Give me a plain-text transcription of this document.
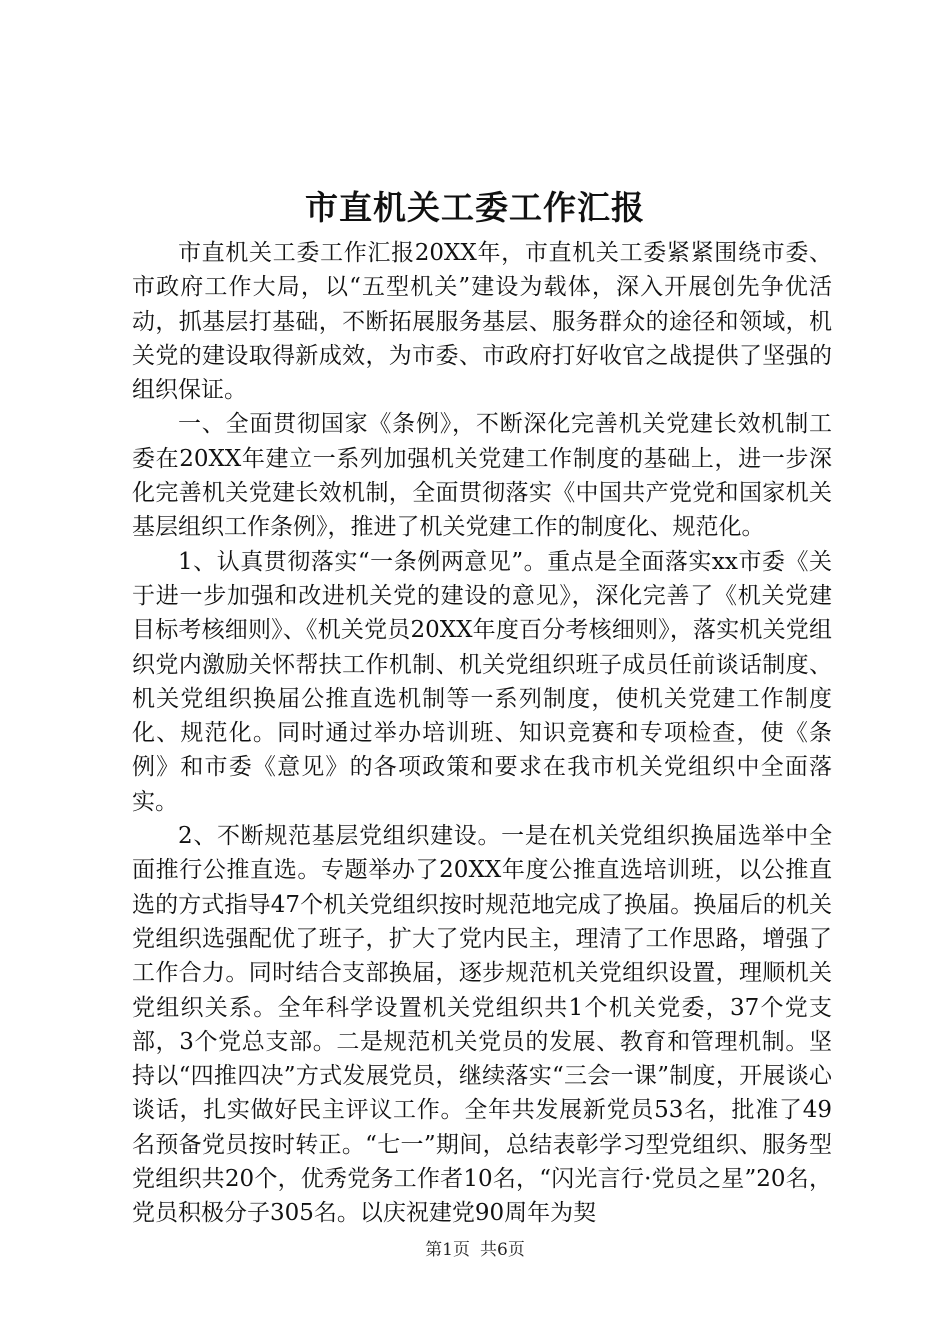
市直机关工委工作汇报

市直机关工委工作汇报20XX年，市直机关工委紧紧围绕市委、市政府工作大局，以“五型机关”建设为载体，深入开展创先争优活动，抓基层打基础，不断拓展服务基层、服务群众的途径和领域，机关党的建设取得新成效，为市委、市政府打好收官之战提供了坚强的组织保证。

一、全面贯彻国家《条例》，不断深化完善机关党建长效机制工委在20XX年建立一系列加强机关党建工作制度的基础上，进一步深化完善机关党建长效机制，全面贯彻落实《中国共产党党和国家机关基层组织工作条例》，推进了机关党建工作的制度化、规范化。

1、认真贯彻落实“一条例两意见”。重点是全面落实xx市委《关于进一步加强和改进机关党的建设的意见》，深化完善了《机关党建目标考核细则》、《机关党员20XX年度百分考核细则》，落实机关党组织党内激励关怀帮扶工作机制、机关党组织班子成员任前谈话制度、机关党组织换届公推直选机制等一系列制度，使机关党建工作制度化、规范化。同时通过举办培训班、知识竞赛和专项检查，使《条例》和市委《意见》的各项政策和要求在我市机关党组织中全面落实。

2、不断规范基层党组织建设。一是在机关党组织换届选举中全面推行公推直选。专题举办了20XX年度公推直选培训班，以公推直选的方式指导47个机关党组织按时规范地完成了换届。换届后的机关党组织选强配优了班子，扩大了党内民主，理清了工作思路，增强了工作合力。同时结合支部换届，逐步规范机关党组织设置，理顺机关党组织关系。全年科学设置机关党组织共1个机关党委，37个党支部，3个党总支部。二是规范机关党员的发展、教育和管理机制。坚持以“四推四决”方式发展党员，继续落实“三会一课”制度，开展谈心谈话，扎实做好民主评议工作。全年共发展新党员53名，批准了49名预备党员按时转正。“七一”期间，总结表彰学习型党组织、服务型党组织共20个，优秀党务工作者10名，“闪光言行·党员之星”20名，党员积极分子305名。以庆祝建党90周年为契

第1页 共6页
